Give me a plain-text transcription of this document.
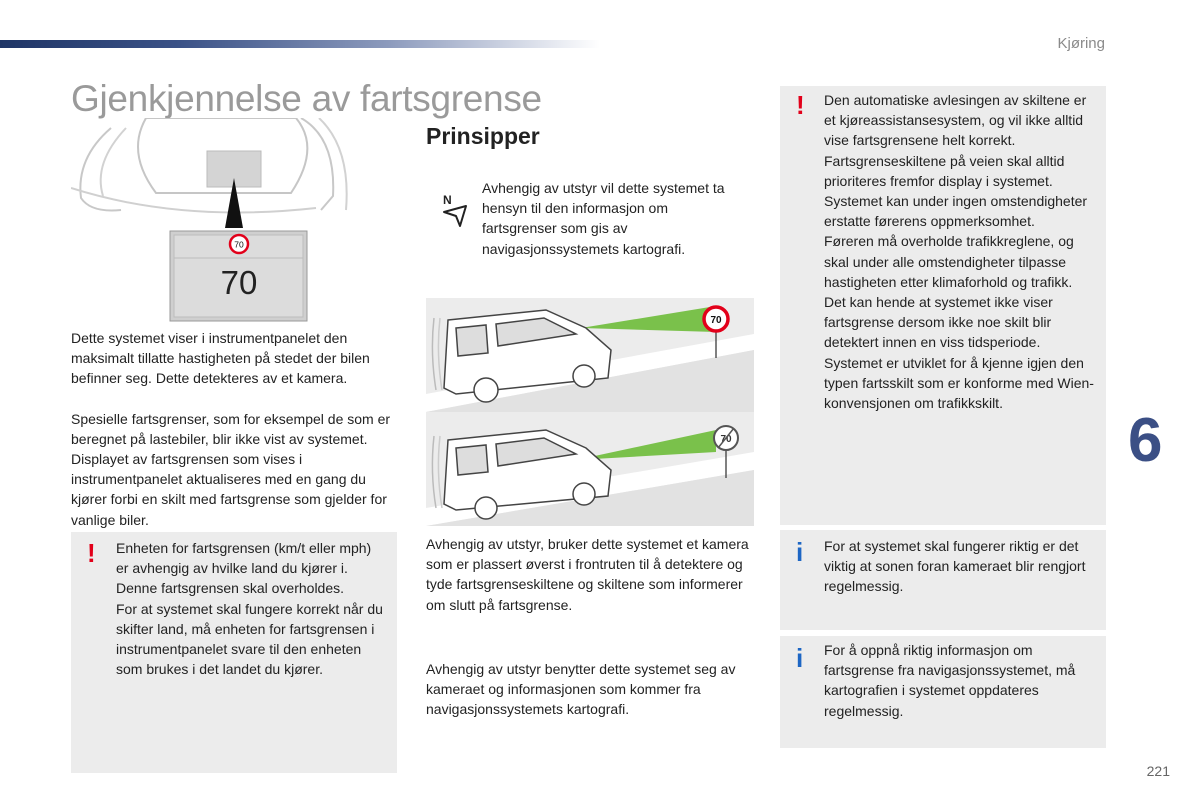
Kjøring
Gjenkjennelse av fartsgrense
70
70

Dette systemet viser i instrumentpanelet den maksimalt tillatte hastigheten på stedet der bilen befinner seg. Dette detekteres av et kamera.

Spesielle fartsgrenser, som for eksempel de som er beregnet på lastebiler, blir ikke vist av systemet.

Displayet av fartsgrensen som vises i instrumentpanelet aktualiseres med en gang du kjører forbi en skilt med fartsgrense som gjelder for vanlige biler.

! Enheten for fartsgrensen (km/t eller mph) er avhengig av hvilke land du kjører i.
Denne fartsgrensen skal overholdes.
For at systemet skal fungere korrekt når du skifter land, må enheten for fartsgrensen i instrumentpanelet svare til den enheten som brukes i det landet du kjører.
Prinsipper
N

Avhengig av utstyr vil dette systemet ta hensyn til den informasjon om fartsgrenser som gis av navigasjonssystemets kartografi.

70
70

Avhengig av utstyr, bruker dette systemet et kamera som er plassert øverst i frontruten til å detektere og tyde fartsgrenseskiltene og skiltene som informerer om slutt på fartsgrense.

Avhengig av utstyr benytter dette systemet seg av kameraet og informasjonen som kommer fra navigasjonssystemets kartografi.

! Den automatiske avlesingen av skiltene er et kjøreassistansesystem, og vil ikke alltid vise fartsgrensene helt korrekt.
Fartsgrenseskiltene på veien skal alltid prioriteres fremfor display i systemet.
Systemet kan under ingen omstendigheter erstatte førerens oppmerksomhet.
Føreren må overholde trafikkreglene, og skal under alle omstendigheter tilpasse hastigheten etter klimaforhold og trafikk.
Det kan hende at systemet ikke viser fartsgrense dersom ikke noe skilt blir detektert innen en viss tidsperiode.
Systemet er utviklet for å kjenne igjen den typen fartsskilt som er konforme med Wien-konvensjonen om trafikkskilt.
i For at systemet skal fungerer riktig er det viktig at sonen foran kameraet blir rengjort regelmessig.
i For å oppnå riktig informasjon om fartsgrense fra navigasjonssystemet, må kartografien i systemet oppdateres regelmessig.
6
221
